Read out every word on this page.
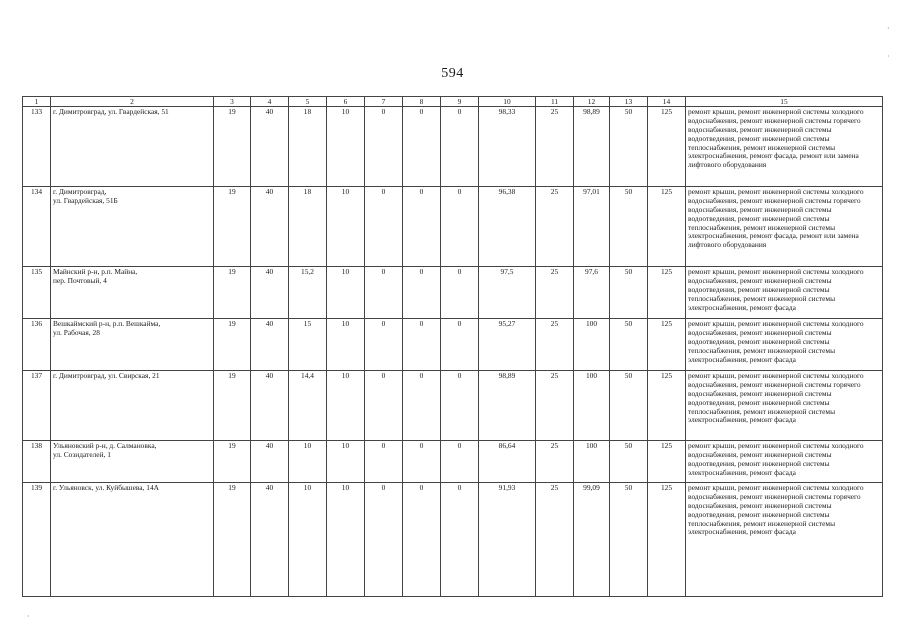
594
1	2	3	4	5	6	7	8	9	10	11	12	13	14	15
133	г. Димитровград, ул. Гвардейская, 51	19	40	18	10	0	0	0	98,33	25	98,89	50	125	ремонт крыши, ремонт инженерной системы холодного водоснабжения, ремонт инженерной системы горячего водоснабжения, ремонт инженерной системы водоотведения, ремонт инженерной системы теплоснабжения, ремонт инженерной системы электроснабжения, ремонт фасада, ремонт или замена лифтового оборудования
134	г. Димитровград,
ул. Гвардейская, 51Б	19	40	18	10	0	0	0	96,38	25	97,01	50	125	ремонт крыши, ремонт инженерной системы холодного водоснабжения, ремонт инженерной системы горячего водоснабжения, ремонт инженерной системы водоотведения, ремонт инженерной системы теплоснабжения, ремонт инженерной системы электроснабжения, ремонт фасада, ремонт или замена лифтового оборудования
135	Майнский р-н, р.п. Майна,
пер. Почтовый, 4	19	40	15,2	10	0	0	0	97,5	25	97,6	50	125	ремонт крыши, ремонт инженерной системы холодного водоснабжения, ремонт инженерной системы водоотведения, ремонт инженерной системы теплоснабжения, ремонт инженерной системы электроснабжения, ремонт фасада
136	Вешкаймский р-н, р.п. Вешкайма,
ул. Рабочая, 28	19	40	15	10	0	0	0	95,27	25	100	50	125	ремонт крыши, ремонт инженерной системы холодного водоснабжения, ремонт инженерной системы водоотведения, ремонт инженерной системы теплоснабжения, ремонт инженерной системы электроснабжения, ремонт фасада
137	г. Димитровград, ул. Свирская, 21	19	40	14,4	10	0	0	0	98,89	25	100	50	125	ремонт крыши, ремонт инженерной системы холодного водоснабжения, ремонт инженерной системы горячего водоснабжения, ремонт инженерной системы водоотведения, ремонт инженерной системы теплоснабжения, ремонт инженерной системы электроснабжения, ремонт фасада
138	Ульяновский р-н, д. Салмановка,
ул. Созидателей, 1	19	40	10	10	0	0	0	86,64	25	100	50	125	ремонт крыши, ремонт инженерной системы холодного водоснабжения, ремонт инженерной системы водоотведения, ремонт инженерной системы электроснабжения, ремонт фасада
139	г. Ульяновск, ул. Куйбышева, 14А	19	40	10	10	0	0	0	91,93	25	99,09	50	125	ремонт крыши, ремонт инженерной системы холодного водоснабжения, ремонт инженерной системы горячего водоснабжения, ремонт инженерной системы водоотведения, ремонт инженерной системы теплоснабжения, ремонт инженерной системы электроснабжения, ремонт фасада
·
·
·
